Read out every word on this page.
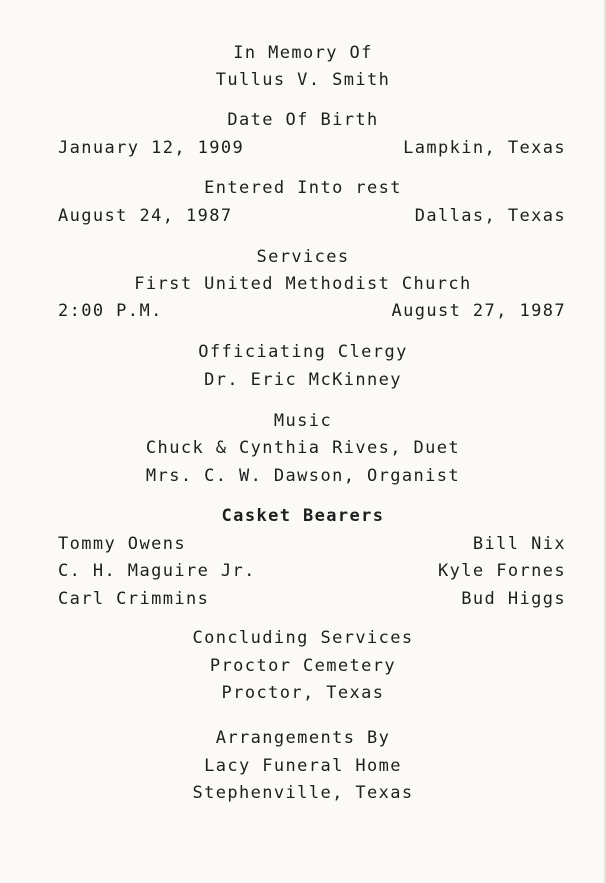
In Memory Of
Tullus V. Smith
Date Of Birth
January 12, 1909	Lampkin, Texas
Entered Into rest
August 24, 1987	Dallas, Texas
Services
First United Methodist Church
2:00 P.M.	August 27, 1987
Officiating Clergy
Dr. Eric McKinney
Music
Chuck & Cynthia Rives, Duet
Mrs. C. W. Dawson, Organist
Casket Bearers
Tommy Owens	Bill Nix
C. H. Maguire Jr.	Kyle Fornes
Carl Crimmins	Bud Higgs
Concluding Services
Proctor Cemetery
Proctor, Texas
Arrangements By
Lacy Funeral Home
Stephenville, Texas
